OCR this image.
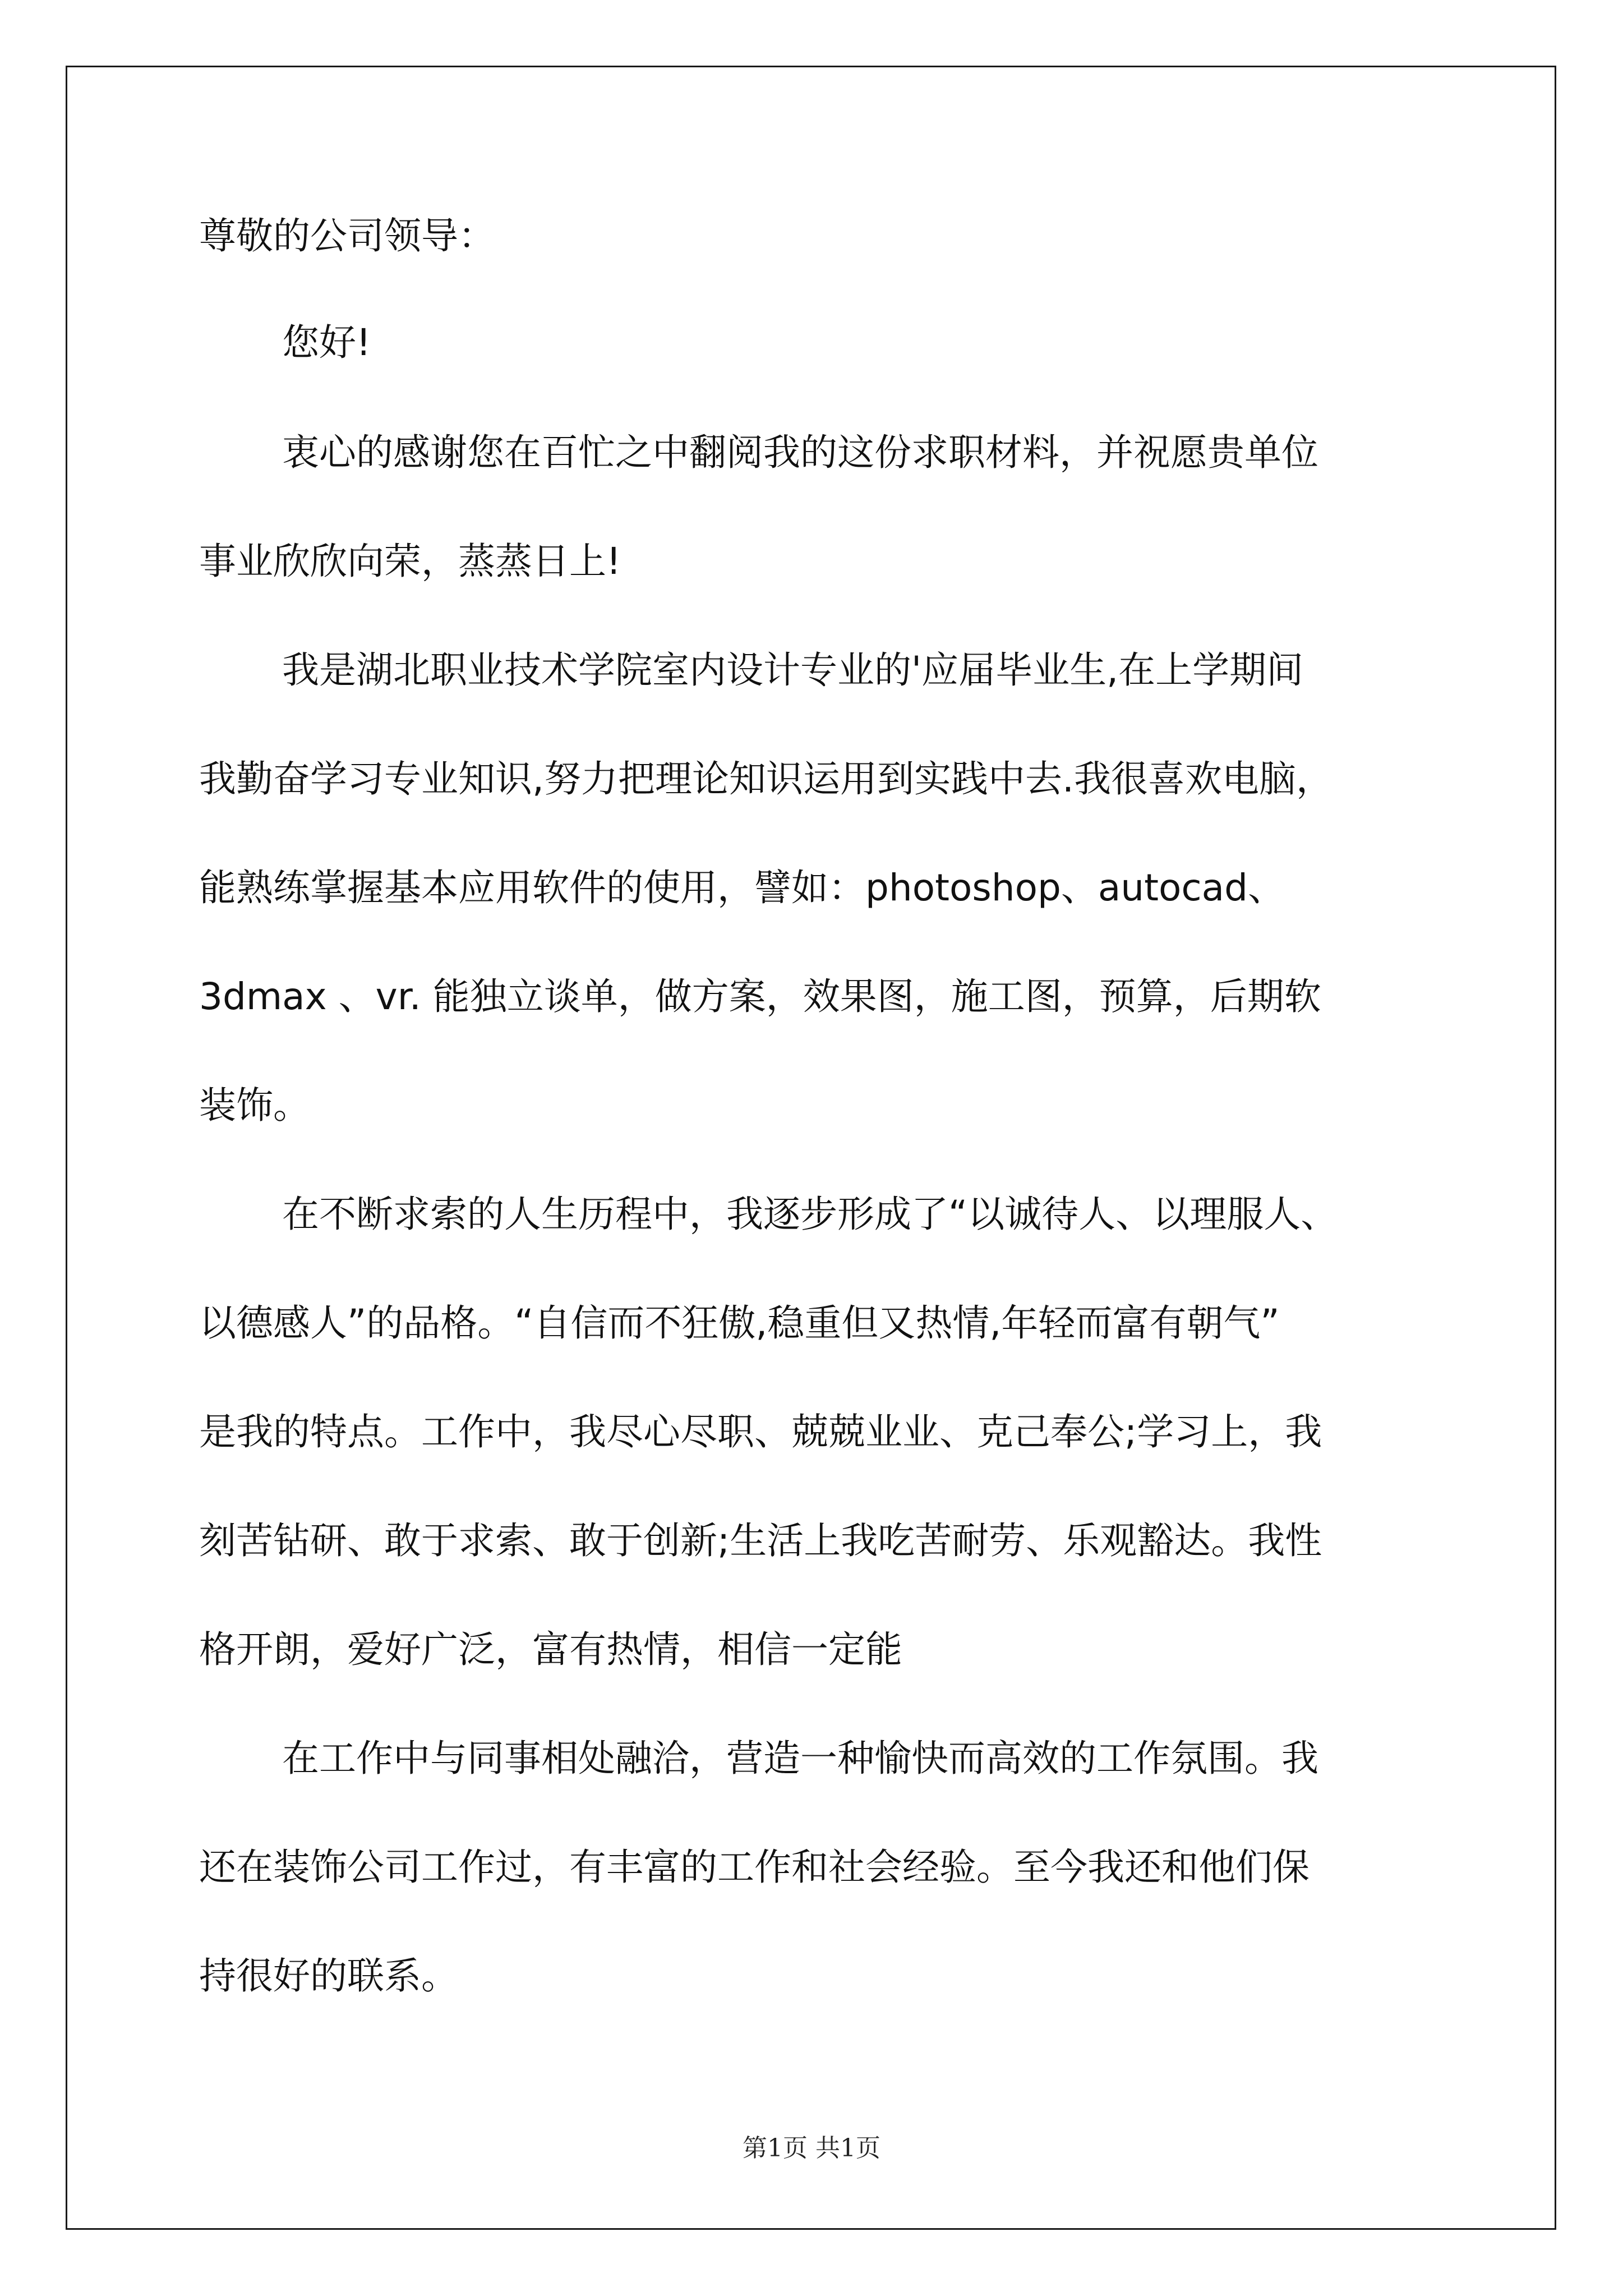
尊敬的公司领导：
您好!
衷心的感谢您在百忙之中翻阅我的这份求职材料，并祝愿贵单位
事业欣欣向荣，蒸蒸日上!
我是湖北职业技术学院室内设计专业的'应届毕业生,在上学期间
我勤奋学习专业知识,努力把理论知识运用到实践中去.我很喜欢电脑，
能熟练掌握基本应用软件的使用，譬如：photoshop、autocad、
3dmax 、vr. 能独立谈单，做方案，效果图，施工图，预算，后期软
装饰。
在不断求索的人生历程中，我逐步形成了“以诚待人、以理服人、
以德感人”的品格。“自信而不狂傲,稳重但又热情,年轻而富有朝气”
是我的特点。工作中，我尽心尽职、兢兢业业、克己奉公;学习上，我
刻苦钻研、敢于求索、敢于创新;生活上我吃苦耐劳、乐观豁达。我性
格开朗，爱好广泛，富有热情，相信一定能
在工作中与同事相处融洽，营造一种愉快而高效的工作氛围。我
还在装饰公司工作过，有丰富的工作和社会经验。至今我还和他们保
持很好的联系。
第1页 共1页
